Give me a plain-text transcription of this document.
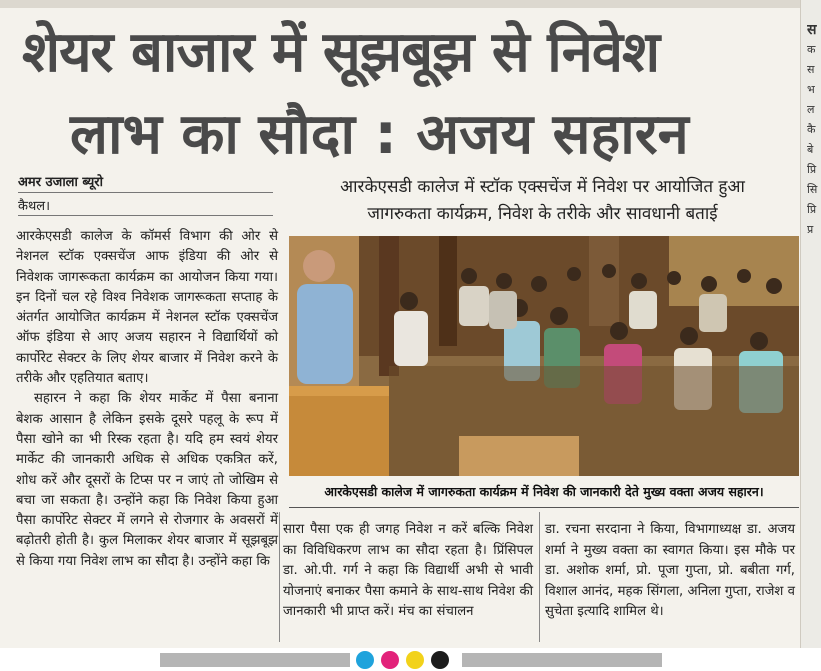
शेयर बाजार में सूझबूझ से निवेश
लाभ का सौदा : अजय सहारन
अमर उजाला ब्यूरो
कैथल।
आरकेएसडी कालेज में स्टॉक एक्सचेंज में निवेश पर आयोजित हुआ
जागरुकता कार्यक्रम, निवेश के तरीके और सावधानी बताई
आरकेएसडी कालेज में जागरुकता कार्यक्रम में निवेश की जानकारी देते मुख्य वक्ता अजय सहारन।

आरकेएसडी कालेज के कॉमर्स विभाग की ओर से नेशनल स्टॉक एक्सचेंज आफ इंडिया की ओर से निवेशक जागरूकता कार्यक्रम का आयोजन किया गया। इन दिनों चल रहे विश्व निवेशक जागरूकता सप्ताह के अंतर्गत आयोजित कार्यक्रम में नेशनल स्टॉक एक्सचेंज ऑफ इंडिया से आए अजय सहारन ने विद्यार्थियों को कार्पोरेट सेक्टर के लिए शेयर बाजार में निवेश करने के तरीके और एहतियात बताए।

सहारन ने कहा कि शेयर मार्केट में पैसा बनाना बेशक आसान है लेकिन इसके दूसरे पहलू के रूप में पैसा खोने का भी रिस्क रहता है। यदि हम स्वयं शेयर मार्केट की जानकारी अधिक से अधिक एकत्रित करें, शोध करें और दूसरों के टिप्स पर न जाएं तो जोखिम से बचा जा सकता है। उन्होंने कहा कि निवेश किया हुआ पैसा कार्पोरेट सेक्टर में लगने से रोजगार के अवसरों में बढ़ोतरी होती है। कुल मिलाकर शेयर बाजार में सूझबूझ से किया गया निवेश लाभ का सौदा है। उन्होंने कहा कि

सारा पैसा एक ही जगह निवेश न करें बल्कि निवेश का विविधिकरण लाभ का सौदा रहता है। प्रिंसिपल डा. ओ.पी. गर्ग ने कहा कि विद्यार्थी अभी से भावी योजनाएं बनाकर पैसा कमाने के साथ-साथ निवेश की जानकारी भी प्राप्त करें। मंच का संचालन
डा. रचना सरदाना ने किया, विभागाध्यक्ष डा. अजय शर्मा ने मुख्य वक्ता का स्वागत किया। इस मौके पर डा. अशोक शर्मा, प्रो. पूजा गुप्ता, प्रो. बबीता गर्ग, विशाल आनंद, महक सिंगला, अनिला गुप्ता, राजेश व सुचेता इत्यादि शामिल थे।
स
क
स
भ
ल
कै
बे
प्रि
सि
प्रि
प्र
